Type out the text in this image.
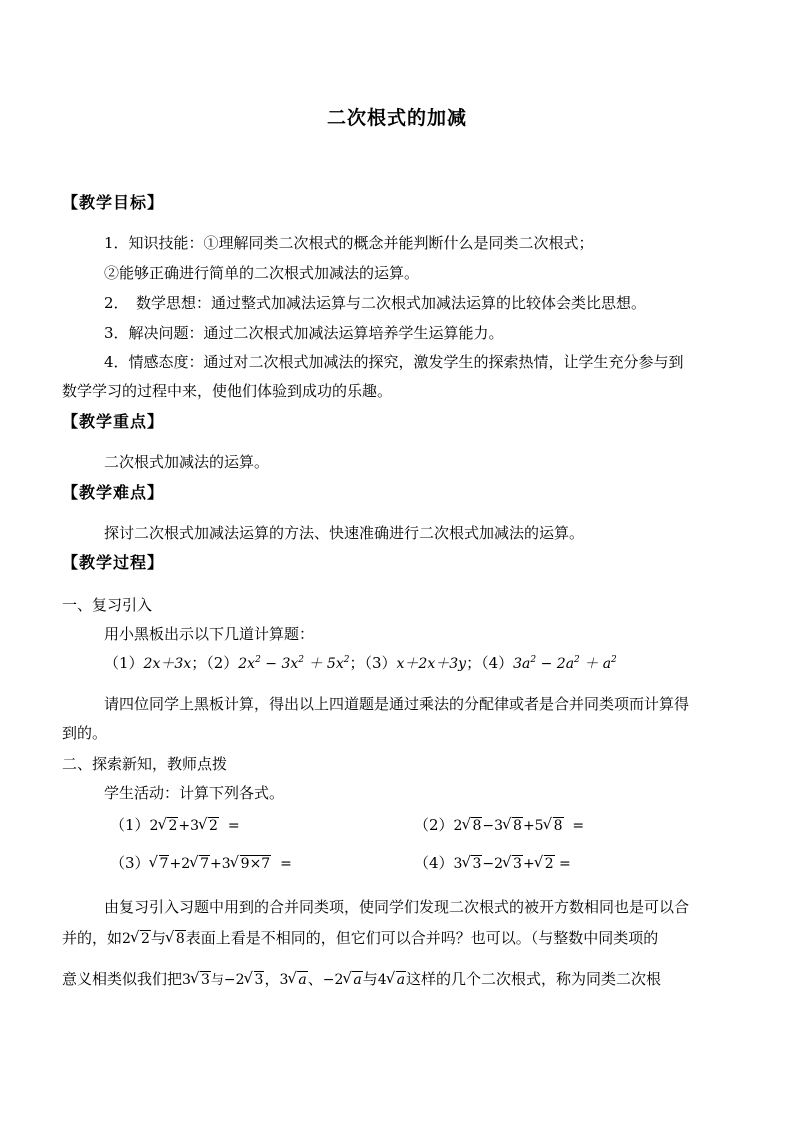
二次根式的加减
【教学目标】
1．知识技能：①理解同类二次根式的概念并能判断什么是同类二次根式；
②能够正确进行简单的二次根式加减法的运算。
2．　数学思想：通过整式加减法运算与二次根式加减法运算的比较体会类比思想。
3．解决问题：通过二次根式加减法运算培养学生运算能力。
4．情感态度：通过对二次根式加减法的探究，激发学生的探索热情，让学生充分参与到
数学学习的过程中来，使他们体验到成功的乐趣。
【教学重点】
二次根式加减法的运算。
【教学难点】
探讨二次根式加减法运算的方法、快速准确进行二次根式加减法的运算。
【教学过程】
一、复习引入
用小黑板出示以下几道计算题：
（1）2x＋3x；$(2)2x^2 - 3x^2 + 5x^2$；（3）x＋2x＋3y；$(4)3a^2 - 2a^2 + a^2$
请四位同学上黑板计算，得出以上四道题是通过乘法的分配律或者是合并同类项而计算得
到的。
二、探索新知，教师点拨
学生活动：计算下列各式。
（1）2 √ 2+3 √ 2  =	（2）2 √ 8−3 √ 8+5 √ 8  =
（3） √ 7+2 √ 7+3 √ 9×7  =	（4）3 √ 3−2 √ 3+ √ 2 =
由复习引入习题中用到的合并同类项，使同学们发现二次根式的被开方数相同也是可以合
并的，如2 √ 2与 √ 8表面上看是不相同的，但它们可以合并吗？也可以。（与整数中同类项的
意义相类似我们把3 √ 3与−2 √ 3，3 √ a、−2 √ a与4 √ a这样的几个二次根式，称为同类二次根
